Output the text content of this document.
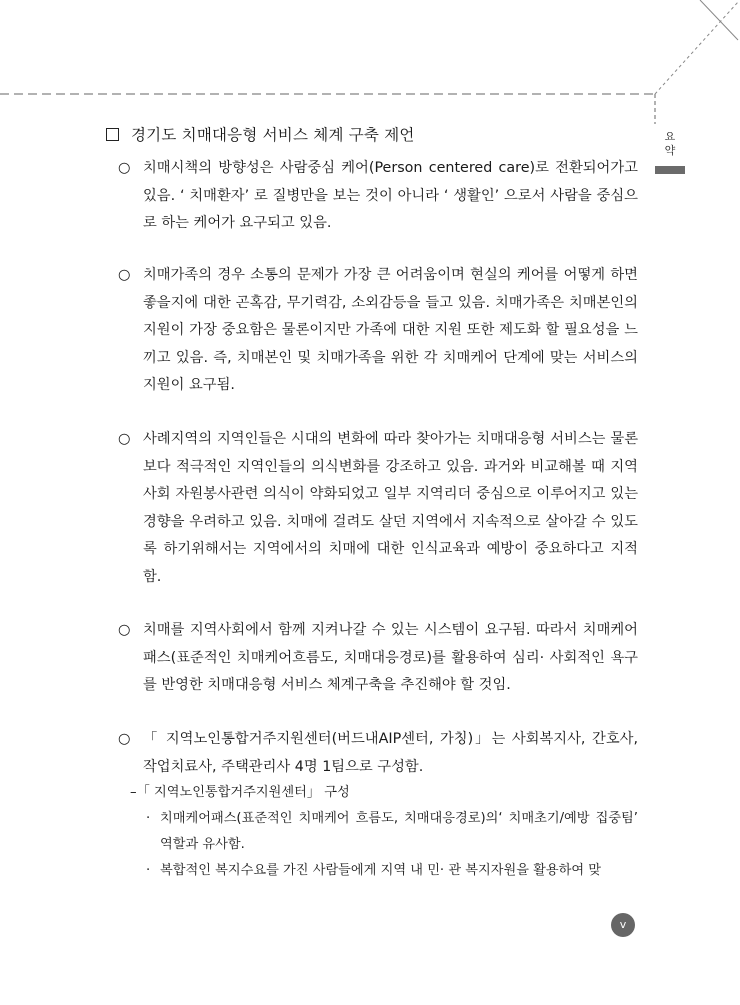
요
약
경기도 치매대응형 서비스 체계 구축 제언
○ 치매시책의 방향성은 사람중심 케어(Person centered care)로 전환되어가고 있음. ‘ 치매환자’ 로 질병만을 보는 것이 아니라 ‘ 생활인’ 으로서 사람을 중심으로 하는 케어가 요구되고 있음.
○ 치매가족의 경우 소통의 문제가 가장 큰 어려움이며 현실의 케어를 어떻게 하면 좋을지에 대한 곤혹감, 무기력감, 소외감등을 들고 있음. 치매가족은 치매본인의 지원이 가장 중요함은 물론이지만 가족에 대한 지원 또한 제도화 할 필요성을 느끼고 있음. 즉, 치매본인 및 치매가족을 위한 각 치매케어 단계에 맞는 서비스의 지원이 요구됨.
○ 사례지역의 지역인들은 시대의 변화에 따라 찾아가는 치매대응형 서비스는 물론 보다 적극적인 지역인들의 의식변화를 강조하고 있음. 과거와 비교해볼 때 지역사회 자원봉사관련 의식이 약화되었고 일부 지역리더 중심으로 이루어지고 있는 경향을 우려하고 있음. 치매에 걸려도 살던 지역에서 지속적으로 살아갈 수 있도록 하기위해서는 지역에서의 치매에 대한 인식교육과 예방이 중요하다고 지적함.
○ 치매를 지역사회에서 함께 지켜나갈 수 있는 시스템이 요구됨. 따라서 치매케어패스(표준적인 치매케어흐름도, 치매대응경로)를 활용하여 심리· 사회적인 욕구를 반영한 치매대응형 서비스 체계구축을 추진해야 할 것임.
○ 「 지역노인통합거주지원센터(버드내AIP센터, 가칭)」는 사회복지사, 간호사, 작업치료사, 주택관리사 4명 1팀으로 구성함.
–「 지역노인통합거주지원센터」 구성
· 치매케어패스(표준적인 치매케어 흐름도, 치매대응경로)의‘ 치매초기/예방 집중팀’ 역할과 유사함.
· 복합적인 복지수요를 가진 사람들에게 지역 내 민· 관 복지자원을 활용하여 맞
v
